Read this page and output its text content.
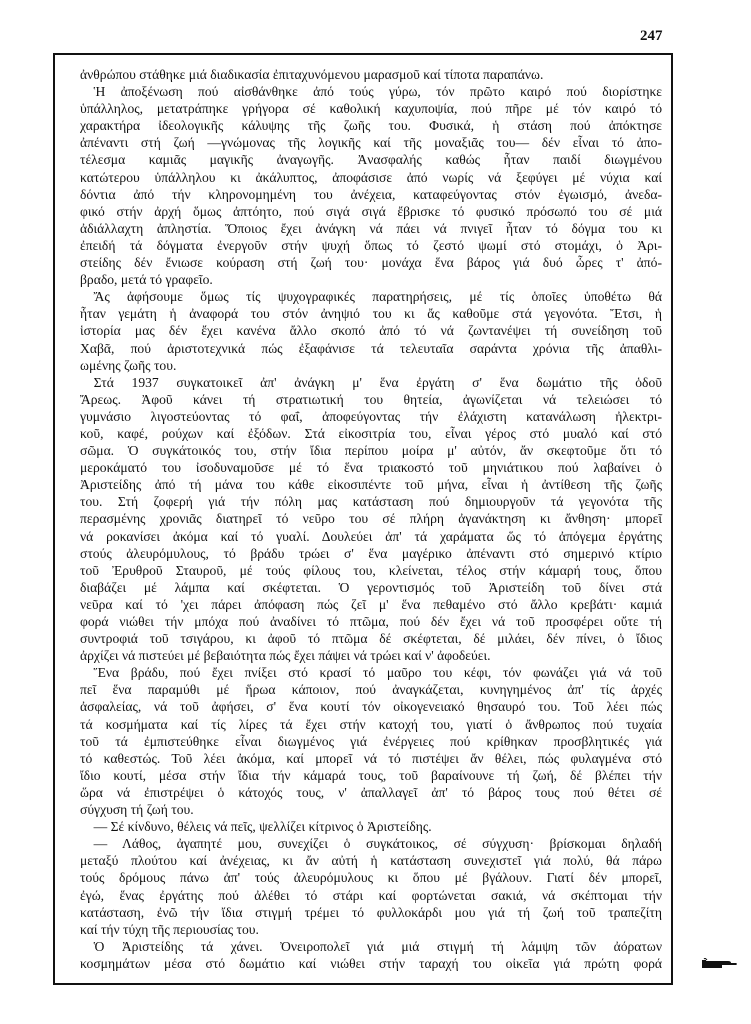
247
ἀνθρώπου στάθηκε μιά διαδικασία ἐπιταχυνόμενου μαρασμοῦ καί τίποτα παραπάνω.
 Ἡ ἀποξένωση πού αἰσθάνθηκε ἀπό τούς γύρω, τόν πρῶτο καιρό πού διορίστηκε
ὑπάλληλος, μετατράπηκε γρήγορα σέ καθολική καχυποψία, πού πῆρε μέ τόν καιρό τό
χαρακτήρα ἰδεολογικῆς κάλυψης τῆς ζωῆς του. Φυσικά, ἡ στάση πού ἀπόκτησε
ἀπέναντι στή ζωή —γνώμονας τῆς λογικῆς καί τῆς μοναξιᾶς του— δέν εἶναι τό ἀπο-
τέλεσμα καμιᾶς μαγικῆς ἀναγωγῆς. Ἀνασφαλής καθώς ἦταν παιδί διωγμένου
κατώτερου ὑπάλληλου κι ἀκάλυπτος, ἀποφάσισε ἀπό νωρίς νά ξεφύγει μέ νύχια καί
δόντια ἀπό τήν κληρονομημένη του ἀνέχεια, καταφεύγοντας στόν ἐγωισμό, ἀνεδα-
φικό στήν ἀρχή ὅμως ἀπτόητο, πού σιγά σιγά ἔβρισκε τό φυσικό πρόσωπό του σέ μιά
ἀδιάλλαχτη ἀπληστία. Ὅποιος ἔχει ἀνάγκη νά πάει νά πνιγεῖ ἦταν τό δόγμα του κι
ἐπειδή τά δόγματα ἐνεργοῦν στήν ψυχή ὅπως τό ζεστό ψωμί στό στομάχι, ὁ Ἀρι-
στείδης δέν ἔνιωσε κούραση στή ζωή του· μονάχα ἕνα βάρος γιά δυό ὧρες τ' ἀπό-
βραδο, μετά τό γραφεῖο.
 Ἄς ἀφήσουμε ὅμως τίς ψυχογραφικές παρατηρήσεις, μέ τίς ὁποῖες ὑποθέτω θά
ἦταν γεμάτη ἡ ἀναφορά του στόν ἀνηψιό του κι ἄς καθοῦμε στά γεγονότα. Ἔτσι, ἡ
ἱστορία μας δέν ἔχει κανένα ἄλλο σκοπό ἀπό τό νά ζωντανέψει τή συνείδηση τοῦ
Χαβᾶ, πού ἀριστοτεχνικά πώς ἐξαφάνισε τά τελευταῖα σαράντα χρόνια τῆς ἀπαθλι-
ωμένης ζωῆς του.
 Στά 1937 συγκατοικεῖ ἀπ' ἀνάγκη μ' ἕνα ἐργάτη σ' ἕνα δωμάτιο τῆς ὁδοῦ
Ἄρεως. Ἀφοῦ κάνει τή στρατιωτική του θητεία, ἀγωνίζεται νά τελειώσει τό
γυμνάσιο λιγοστεύοντας τό φαΐ, ἀποφεύγοντας τήν ἐλάχιστη κατανάλωση ἠλεκτρι-
κοῦ, καφέ, ρούχων καί ἐξόδων. Στά εἰκοσιτρία του, εἶναι γέρος στό μυαλό καί στό
σῶμα. Ὁ συγκάτοικός του, στήν ἴδια περίπου μοίρα μ' αὐτόν, ἄν σκεφτοῦμε ὅτι τό
μεροκάματό του ἰσοδυναμοῦσε μέ τό ἕνα τριακοστό τοῦ μηνιάτικου πού λαβαίνει ὁ
Ἀριστείδης ἀπό τή μάνα του κάθε εἰκοσιπέντε τοῦ μήνα, εἶναι ἡ ἀντίθεση τῆς ζωῆς
του. Στή ζοφερή γιά τήν πόλη μας κατάσταση πού δημιουργοῦν τά γεγονότα τῆς
περασμένης χρονιᾶς διατηρεῖ τό νεῦρο του σέ πλήρη ἀγανάκτηση κι ἄνθηση· μπορεῖ
νά ροκανίσει ἀκόμα καί τό γυαλί. Δουλεύει ἀπ' τά χαράματα ὥς τό ἀπόγεμα ἐργάτης
στούς ἀλευρόμυλους, τό βράδυ τρώει σ' ἕνα μαγέρικο ἀπέναντι στό σημερινό κτίριο
τοῦ Ἐρυθροῦ Σταυροῦ, μέ τούς φίλους του, κλείνεται, τέλος στήν κάμαρή τους, ὅπου
διαβάζει μέ λάμπα καί σκέφτεται. Ὁ γεροντισμός τοῦ Ἀριστείδη τοῦ δίνει στά
νεῦρα καί τό 'χει πάρει ἀπόφαση πώς ζεῖ μ' ἕνα πεθαμένο στό ἄλλο κρεβάτι· καμιά
φορά νιώθει τήν μπόχα πού ἀναδίνει τό πτῶμα, πού δέν ἔχει νά τοῦ προσφέρει οὔτε τή
συντροφιά τοῦ τσιγάρου, κι ἀφοῦ τό πτῶμα δέ σκέφτεται, δέ μιλάει, δέν πίνει, ὁ ἴδιος
ἀρχίζει νά πιστεύει μέ βεβαιότητα πώς ἔχει πάψει νά τρώει καί ν' ἀφοδεύει.
 Ἕνα βράδυ, πού ἔχει πνίξει στό κρασί τό μαῦρο του κέφι, τόν φωνάζει γιά νά τοῦ
πεῖ ἕνα παραμύθι μέ ἥρωα κάποιον, πού ἀναγκάζεται, κυνηγημένος ἀπ' τίς ἀρχές
ἀσφαλείας, νά τοῦ ἀφήσει, σ' ἕνα κουτί τόν οἰκογενειακό θησαυρό του. Τοῦ λέει πώς
τά κοσμήματα καί τίς λίρες τά ἔχει στήν κατοχή του, γιατί ὁ ἄνθρωπος πού τυχαία
τοῦ τά ἐμπιστεύθηκε εἶναι διωγμένος γιά ἐνέργειες πού κρίθηκαν προσβλητικές γιά
τό καθεστώς. Τοῦ λέει ἀκόμα, καί μπορεῖ νά τό πιστέψει ἄν θέλει, πώς φυλαγμένα στό
ἴδιο κουτί, μέσα στήν ἴδια τήν κάμαρά τους, τοῦ βαραίνουνε τή ζωή, δέ βλέπει τήν
ὥρα νά ἐπιστρέψει ὁ κάτοχός τους, ν' ἀπαλλαγεῖ ἀπ' τό βάρος τους πού θέτει σέ
σύγχυση τή ζωή του.
 — Σέ κίνδυνο, θέλεις νά πεῖς, ψελλίζει κίτρινος ὁ Ἀριστείδης.
 — Λάθος, ἀγαπητέ μου, συνεχίζει ὁ συγκάτοικος, σέ σύγχυση· βρίσκομαι δηλαδή
μεταξύ πλούτου καί ἀνέχειας, κι ἄν αὐτή ἡ κατάσταση συνεχιστεῖ γιά πολύ, θά πάρω
τούς δρόμους πάνω ἀπ' τούς ἀλευρόμυλους κι ὅπου μέ βγάλουν. Γιατί δέν μπορεῖ,
ἐγώ, ἕνας ἐργάτης πού ἀλέθει τό στάρι καί φορτώνεται σακιά, νά σκέπτομαι τήν
κατάσταση, ἐνῶ τήν ἴδια στιγμή τρέμει τό φυλλοκάρδι μου γιά τή ζωή τοῦ τραπεζίτη
καί τήν τύχη τῆς περιουσίας του.
 Ὁ Ἀριστείδης τά χάνει. Ὀνειροπολεῖ γιά μιά στιγμή τή λάμψη τῶν ἀόρατων
κοσμημάτων μέσα στό δωμάτιο καί νιώθει στήν ταραχή του οἰκεῖα γιά πρώτη φορά
